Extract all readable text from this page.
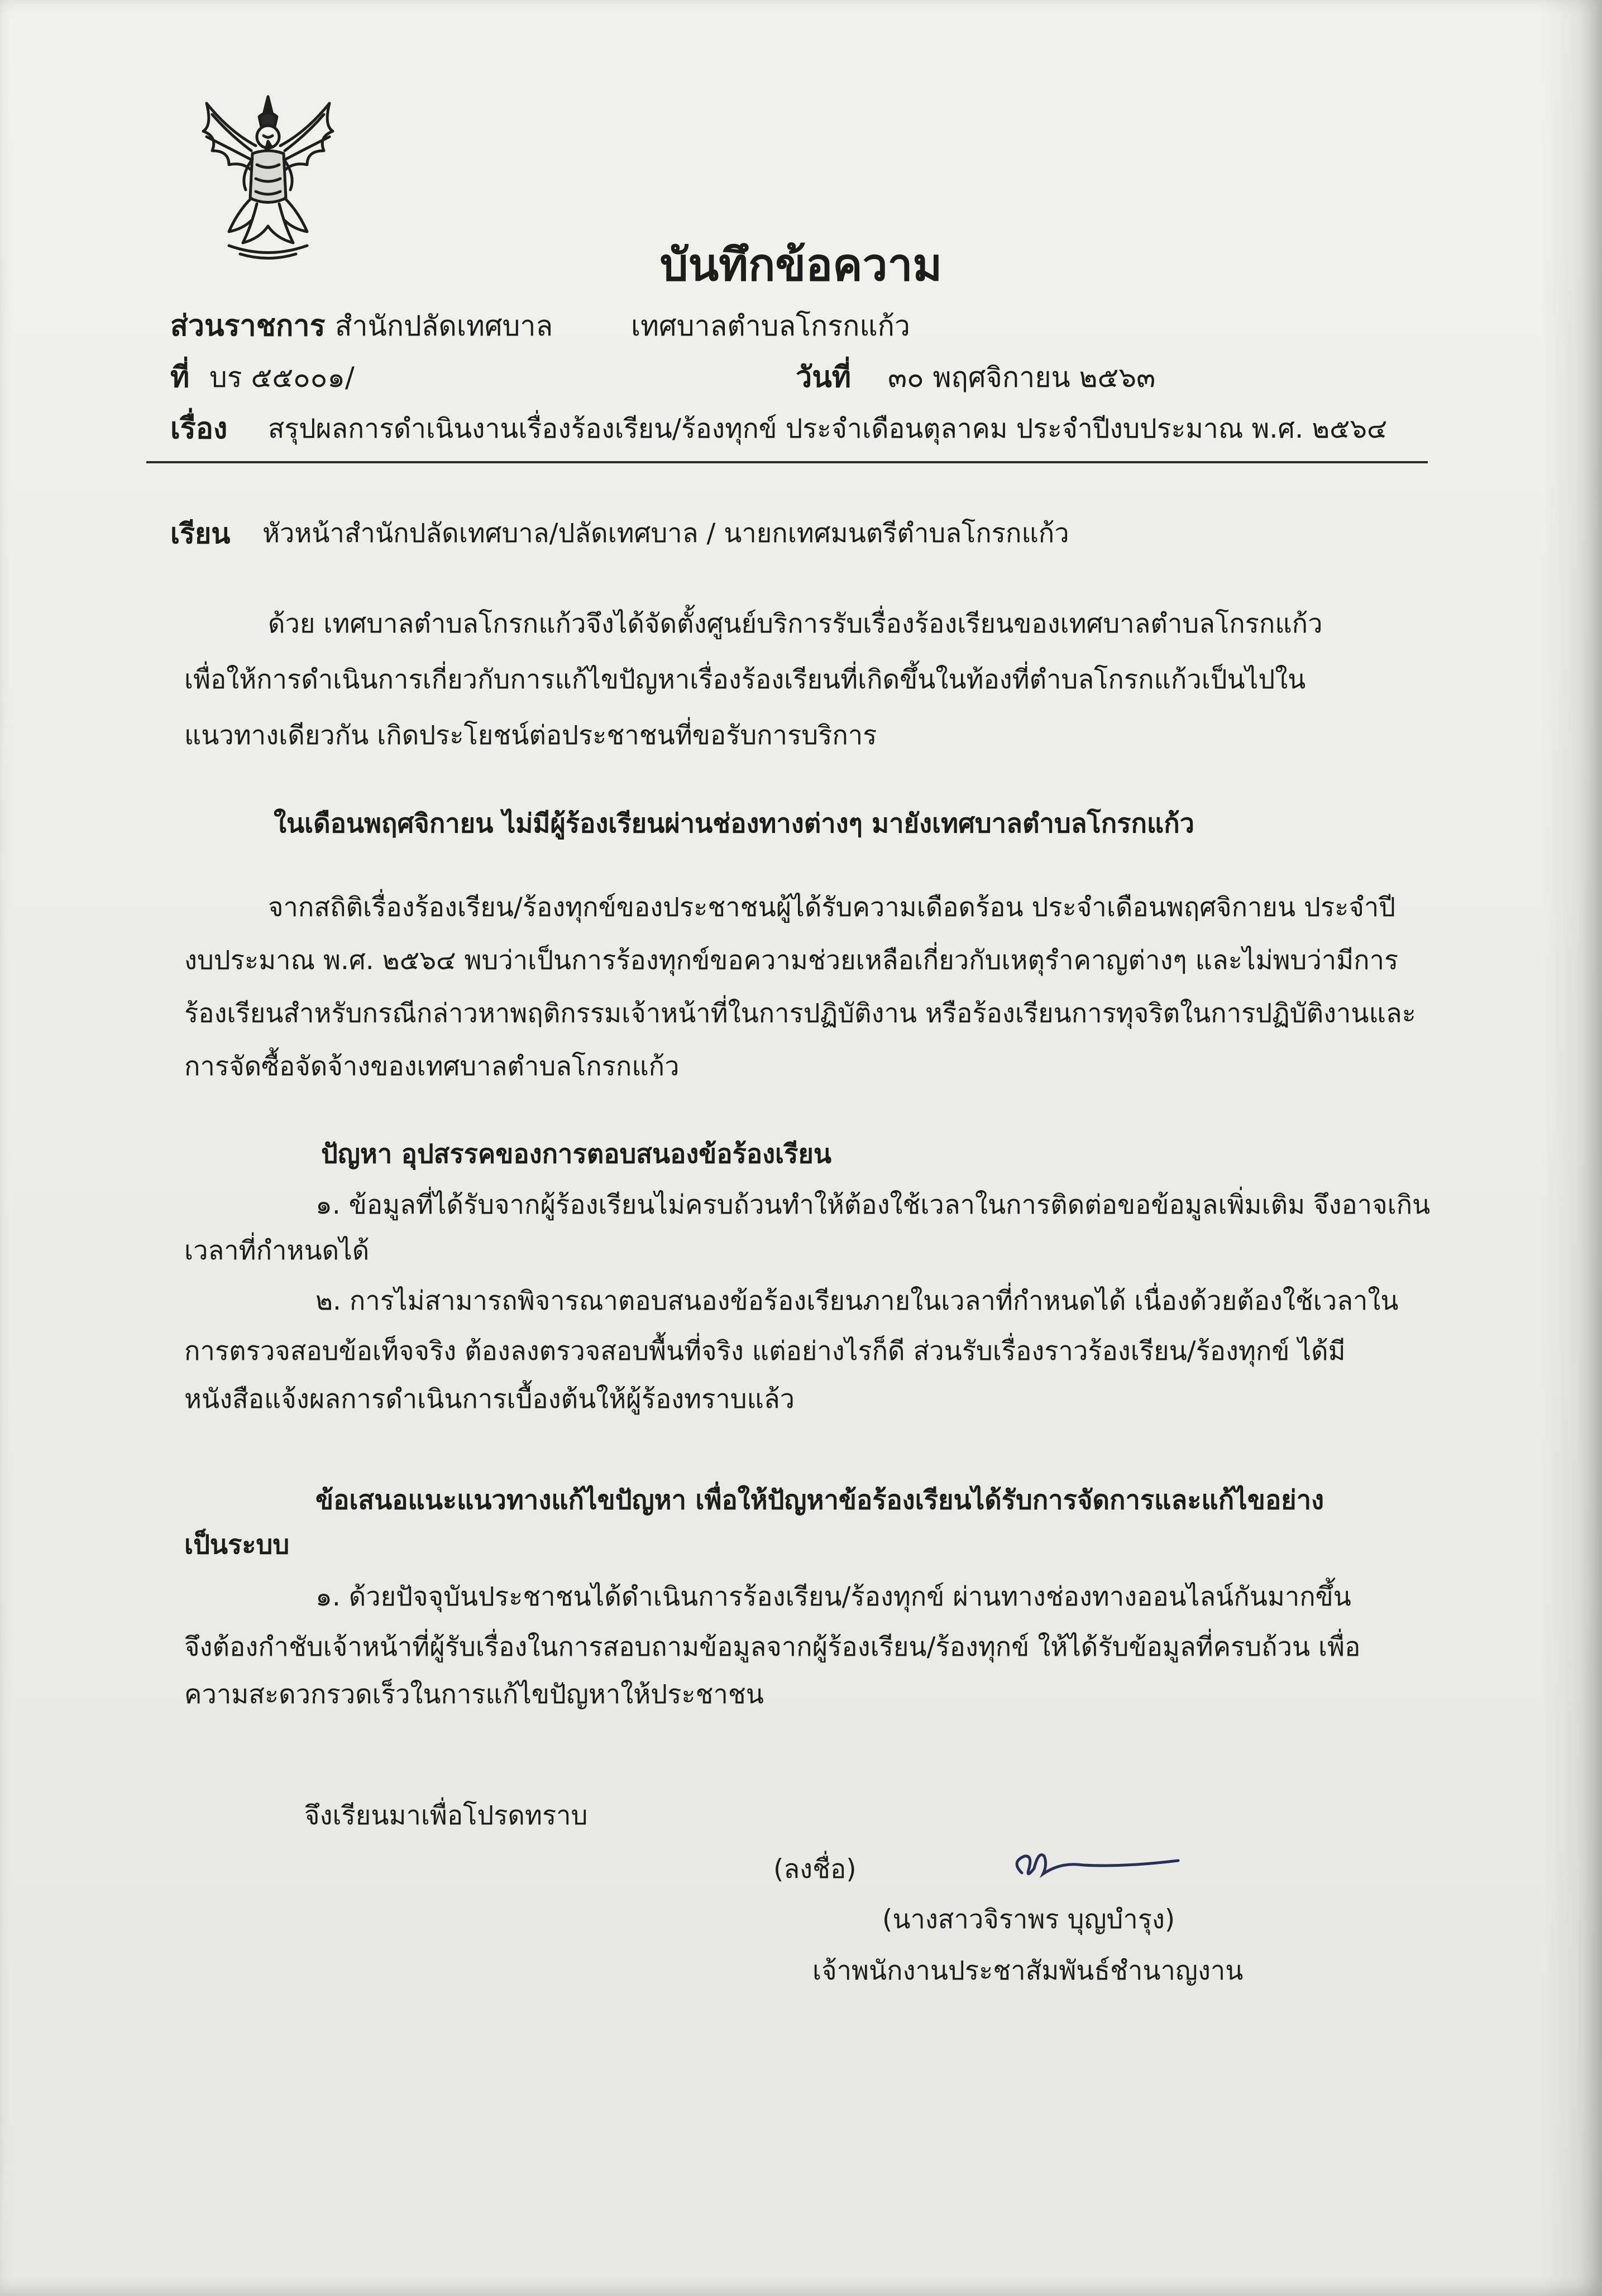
บันทึกข้อความ

ส่วนราชการ สำนักปลัดเทศบาล	เทศบาลตำบลโกรกแก้ว

ที่ บร ๕๕๐๐๑/	วันที่ ๓๐ พฤศจิกายน ๒๕๖๓

เรื่อง สรุปผลการดำเนินงานเรื่องร้องเรียน/ร้องทุกข์ ประจำเดือนตุลาคม ประจำปีงบประมาณ พ.ศ. ๒๕๖๔

เรียน หัวหน้าสำนักปลัดเทศบาล/ปลัดเทศบาล / นายกเทศมนตรีตำบลโกรกแก้ว

ด้วย เทศบาลตำบลโกรกแก้วจึงได้จัดตั้งศูนย์บริการรับเรื่องร้องเรียนของเทศบาลตำบลโกรกแก้ว

เพื่อให้การดำเนินการเกี่ยวกับการแก้ไขปัญหาเรื่องร้องเรียนที่เกิดขึ้นในท้องที่ตำบลโกรกแก้วเป็นไปใน

แนวทางเดียวกัน เกิดประโยชน์ต่อประชาชนที่ขอรับการบริการ

ในเดือนพฤศจิกายน ไม่มีผู้ร้องเรียนผ่านช่องทางต่างๆ มายังเทศบาลตำบลโกรกแก้ว

จากสถิติเรื่องร้องเรียน/ร้องทุกข์ของประชาชนผู้ได้รับความเดือดร้อน ประจำเดือนพฤศจิกายน ประจำปี

งบประมาณ พ.ศ. ๒๕๖๔ พบว่าเป็นการร้องทุกข์ขอความช่วยเหลือเกี่ยวกับเหตุรำคาญต่างๆ และไม่พบว่ามีการ

ร้องเรียนสำหรับกรณีกล่าวหาพฤติกรรมเจ้าหน้าที่ในการปฏิบัติงาน หรือร้องเรียนการทุจริตในการปฏิบัติงานและ

การจัดซื้อจัดจ้างของเทศบาลตำบลโกรกแก้ว

ปัญหา อุปสรรคของการตอบสนองข้อร้องเรียน

๑. ข้อมูลที่ได้รับจากผู้ร้องเรียนไม่ครบถ้วนทำให้ต้องใช้เวลาในการติดต่อขอข้อมูลเพิ่มเติม จึงอาจเกิน

เวลาที่กำหนดได้

๒. การไม่สามารถพิจารณาตอบสนองข้อร้องเรียนภายในเวลาที่กำหนดได้ เนื่องด้วยต้องใช้เวลาใน

การตรวจสอบข้อเท็จจริง ต้องลงตรวจสอบพื้นที่จริง แต่อย่างไรก็ดี ส่วนรับเรื่องราวร้องเรียน/ร้องทุกข์ ได้มี

หนังสือแจ้งผลการดำเนินการเบื้องต้นให้ผู้ร้องทราบแล้ว

ข้อเสนอแนะแนวทางแก้ไขปัญหา เพื่อให้ปัญหาข้อร้องเรียนได้รับการจัดการและแก้ไขอย่าง

เป็นระบบ

๑. ด้วยปัจจุบันประชาชนได้ดำเนินการร้องเรียน/ร้องทุกข์ ผ่านทางช่องทางออนไลน์กันมากขึ้น

จึงต้องกำชับเจ้าหน้าที่ผู้รับเรื่องในการสอบถามข้อมูลจากผู้ร้องเรียน/ร้องทุกข์ ให้ได้รับข้อมูลที่ครบถ้วน เพื่อ

ความสะดวกรวดเร็วในการแก้ไขปัญหาให้ประชาชน

จึงเรียนมาเพื่อโปรดทราบ

(ลงชื่อ)

(นางสาวจิราพร บุญบำรุง)

เจ้าพนักงานประชาสัมพันธ์ชำนาญงาน
